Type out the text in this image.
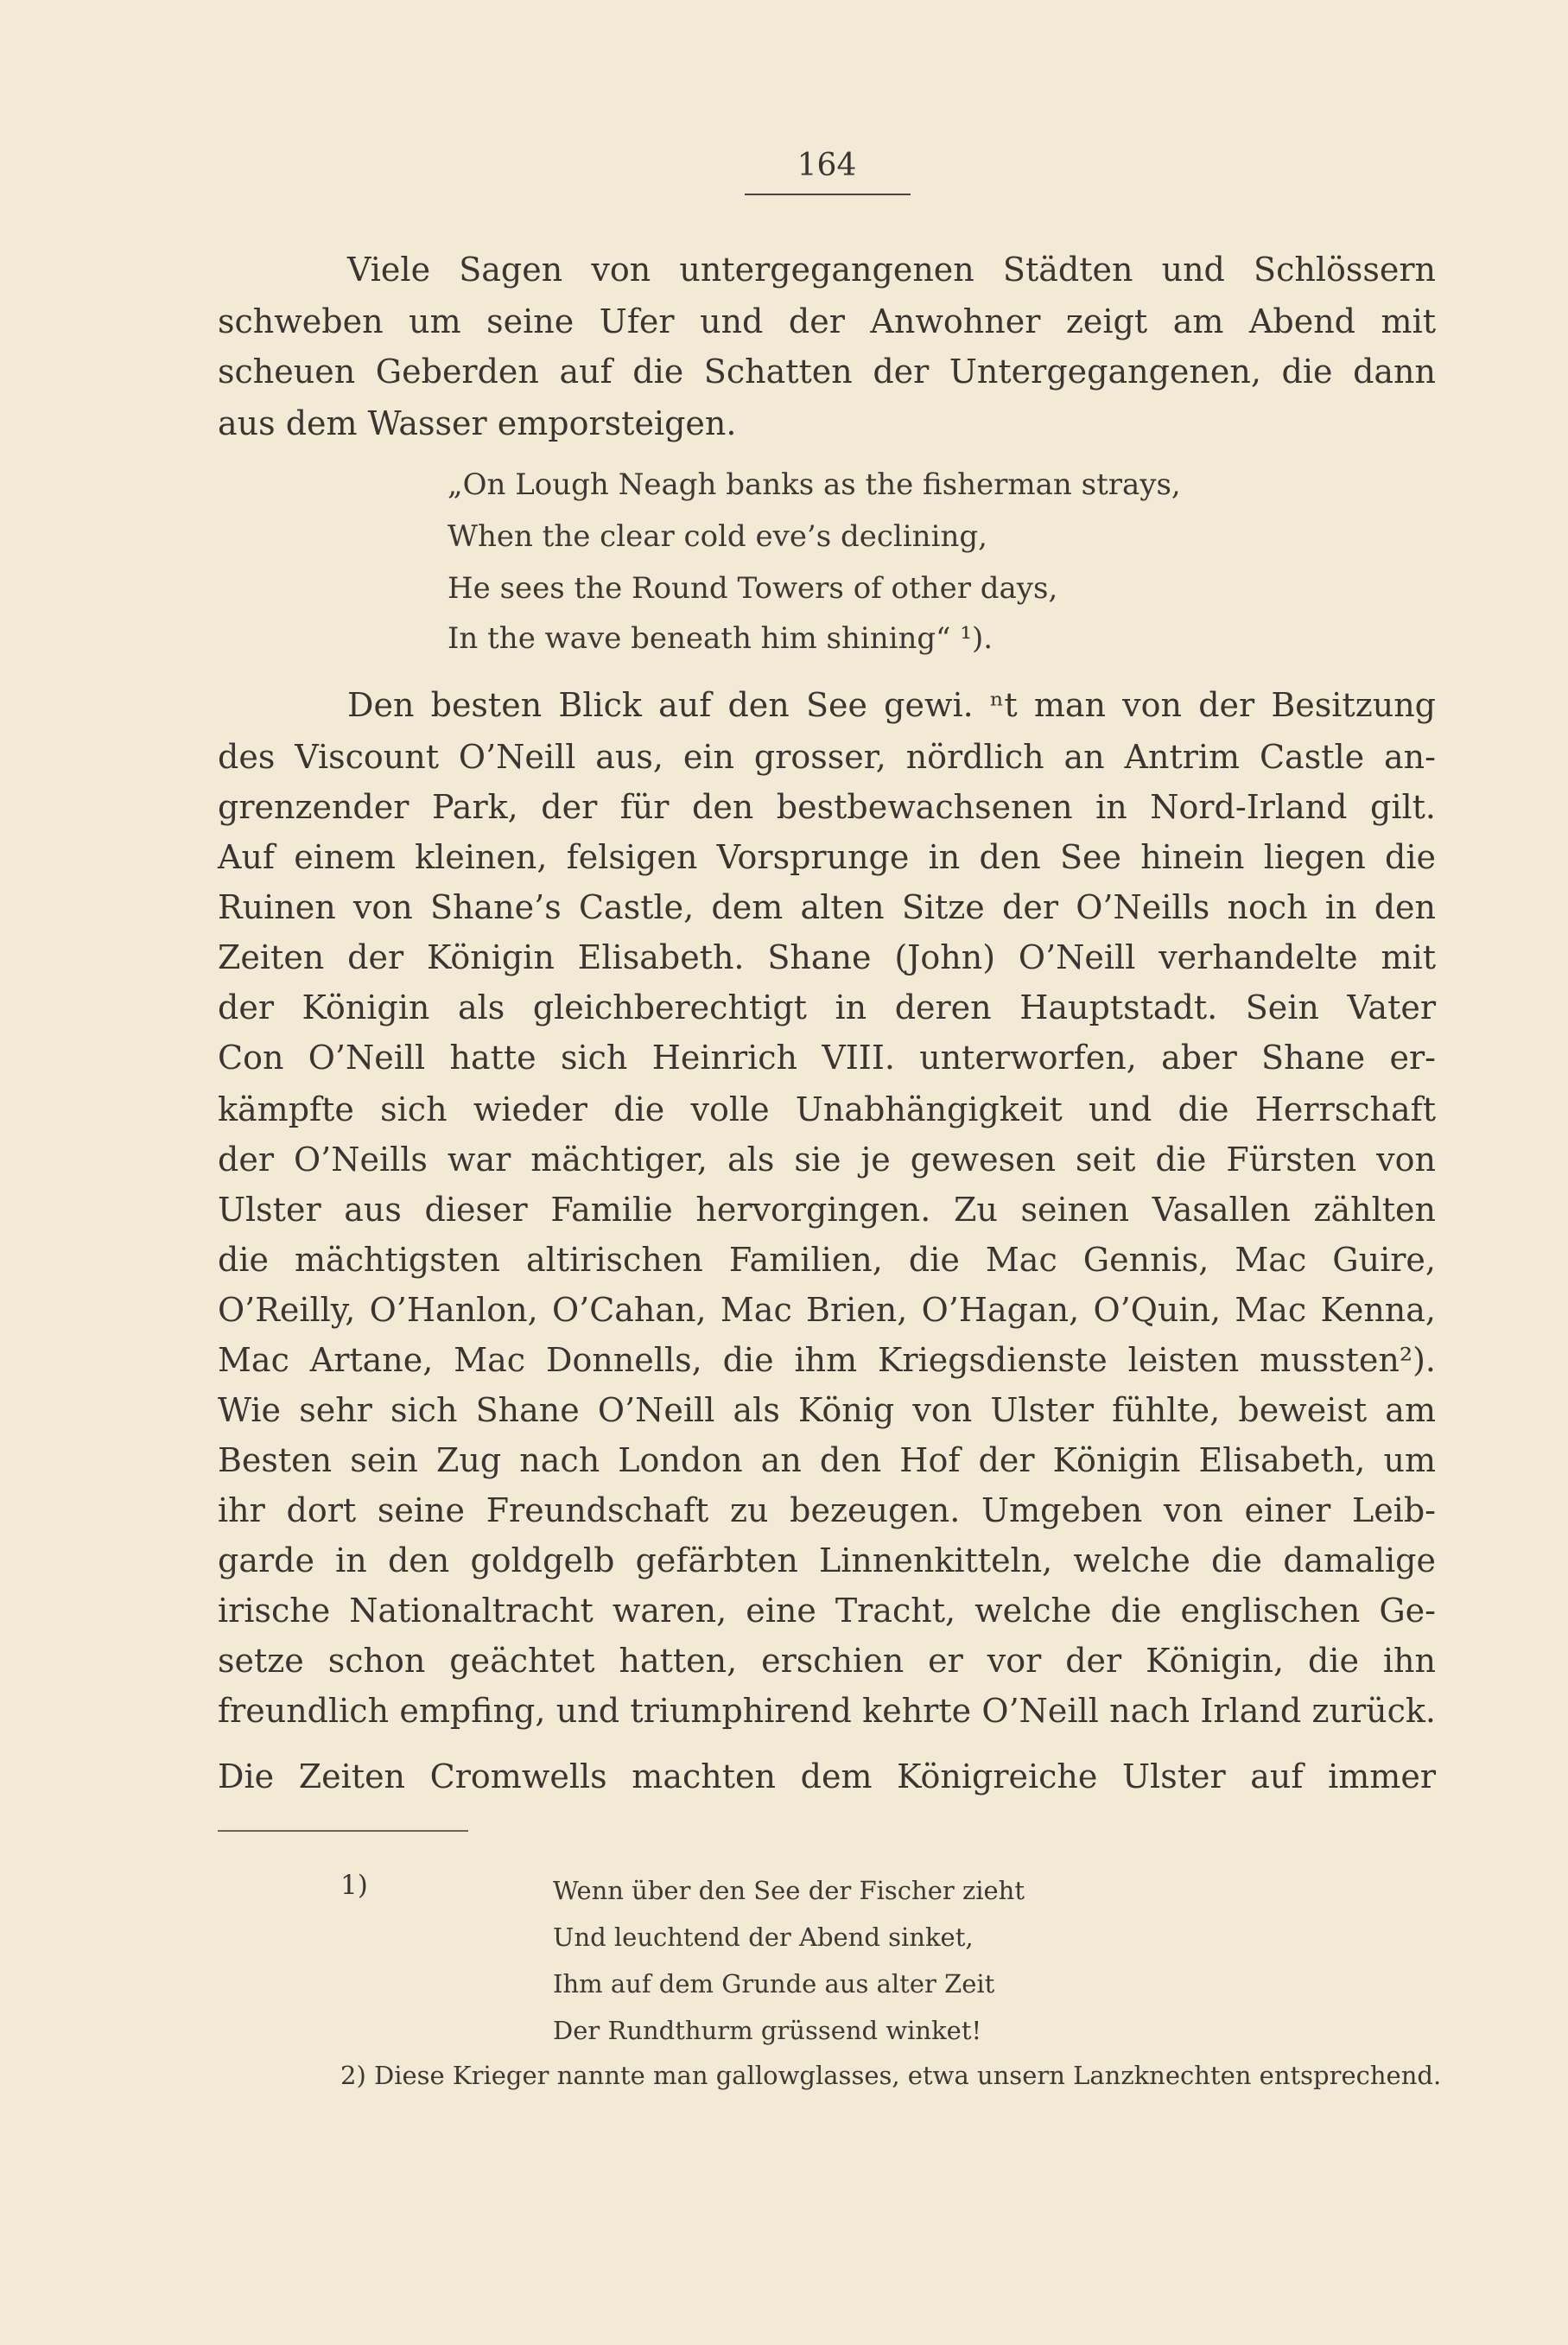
164
Viele Sagen von untergegangenen Städten und Schlössern
schweben um seine Ufer und der Anwohner zeigt am Abend mit
scheuen Geberden auf die Schatten der Untergegangenen, die dann
aus dem Wasser emporsteigen.
„On Lough Neagh banks as the fisherman strays,
When the clear cold eve’s declining,
He sees the Round Towers of other days,
In the wave beneath him shining“ ¹).
Den besten Blick auf den See gewi. ⁿt man von der Besitzung
des Viscount O’Neill aus, ein grosser, nördlich an Antrim Castle an-
grenzender Park, der für den bestbewachsenen in Nord-Irland gilt.
Auf einem kleinen, felsigen Vorsprunge in den See hinein liegen die
Ruinen von Shane’s Castle, dem alten Sitze der O’Neills noch in den
Zeiten der Königin Elisabeth. Shane (John) O’Neill verhandelte mit
der Königin als gleichberechtigt in deren Hauptstadt. Sein Vater
Con O’Neill hatte sich Heinrich VIII. unterworfen, aber Shane er-
kämpfte sich wieder die volle Unabhängigkeit und die Herrschaft
der O’Neills war mächtiger, als sie je gewesen seit die Fürsten von
Ulster aus dieser Familie hervorgingen. Zu seinen Vasallen zählten
die mächtigsten altirischen Familien, die Mac Gennis, Mac Guire,
O’Reilly, O’Hanlon, O’Cahan, Mac Brien, O’Hagan, O’Quin, Mac Kenna,
Mac Artane, Mac Donnells, die ihm Kriegsdienste leisten mussten²).
Wie sehr sich Shane O’Neill als König von Ulster fühlte, beweist am
Besten sein Zug nach London an den Hof der Königin Elisabeth, um
ihr dort seine Freundschaft zu bezeugen. Umgeben von einer Leib-
garde in den goldgelb gefärbten Linnenkitteln, welche die damalige
irische Nationaltracht waren, eine Tracht, welche die englischen Ge-
setze schon geächtet hatten, erschien er vor der Königin, die ihn
freundlich empfing, und triumphirend kehrte O’Neill nach Irland zurück.
Die Zeiten Cromwells machten dem Königreiche Ulster auf immer
1)	Wenn über den See der Fischer zieht
Und leuchtend der Abend sinket,
Ihm auf dem Grunde aus alter Zeit
Der Rundthurm grüssend winket!
2) Diese Krieger nannte man gallowglasses, etwa unsern Lanzknechten entsprechend.
